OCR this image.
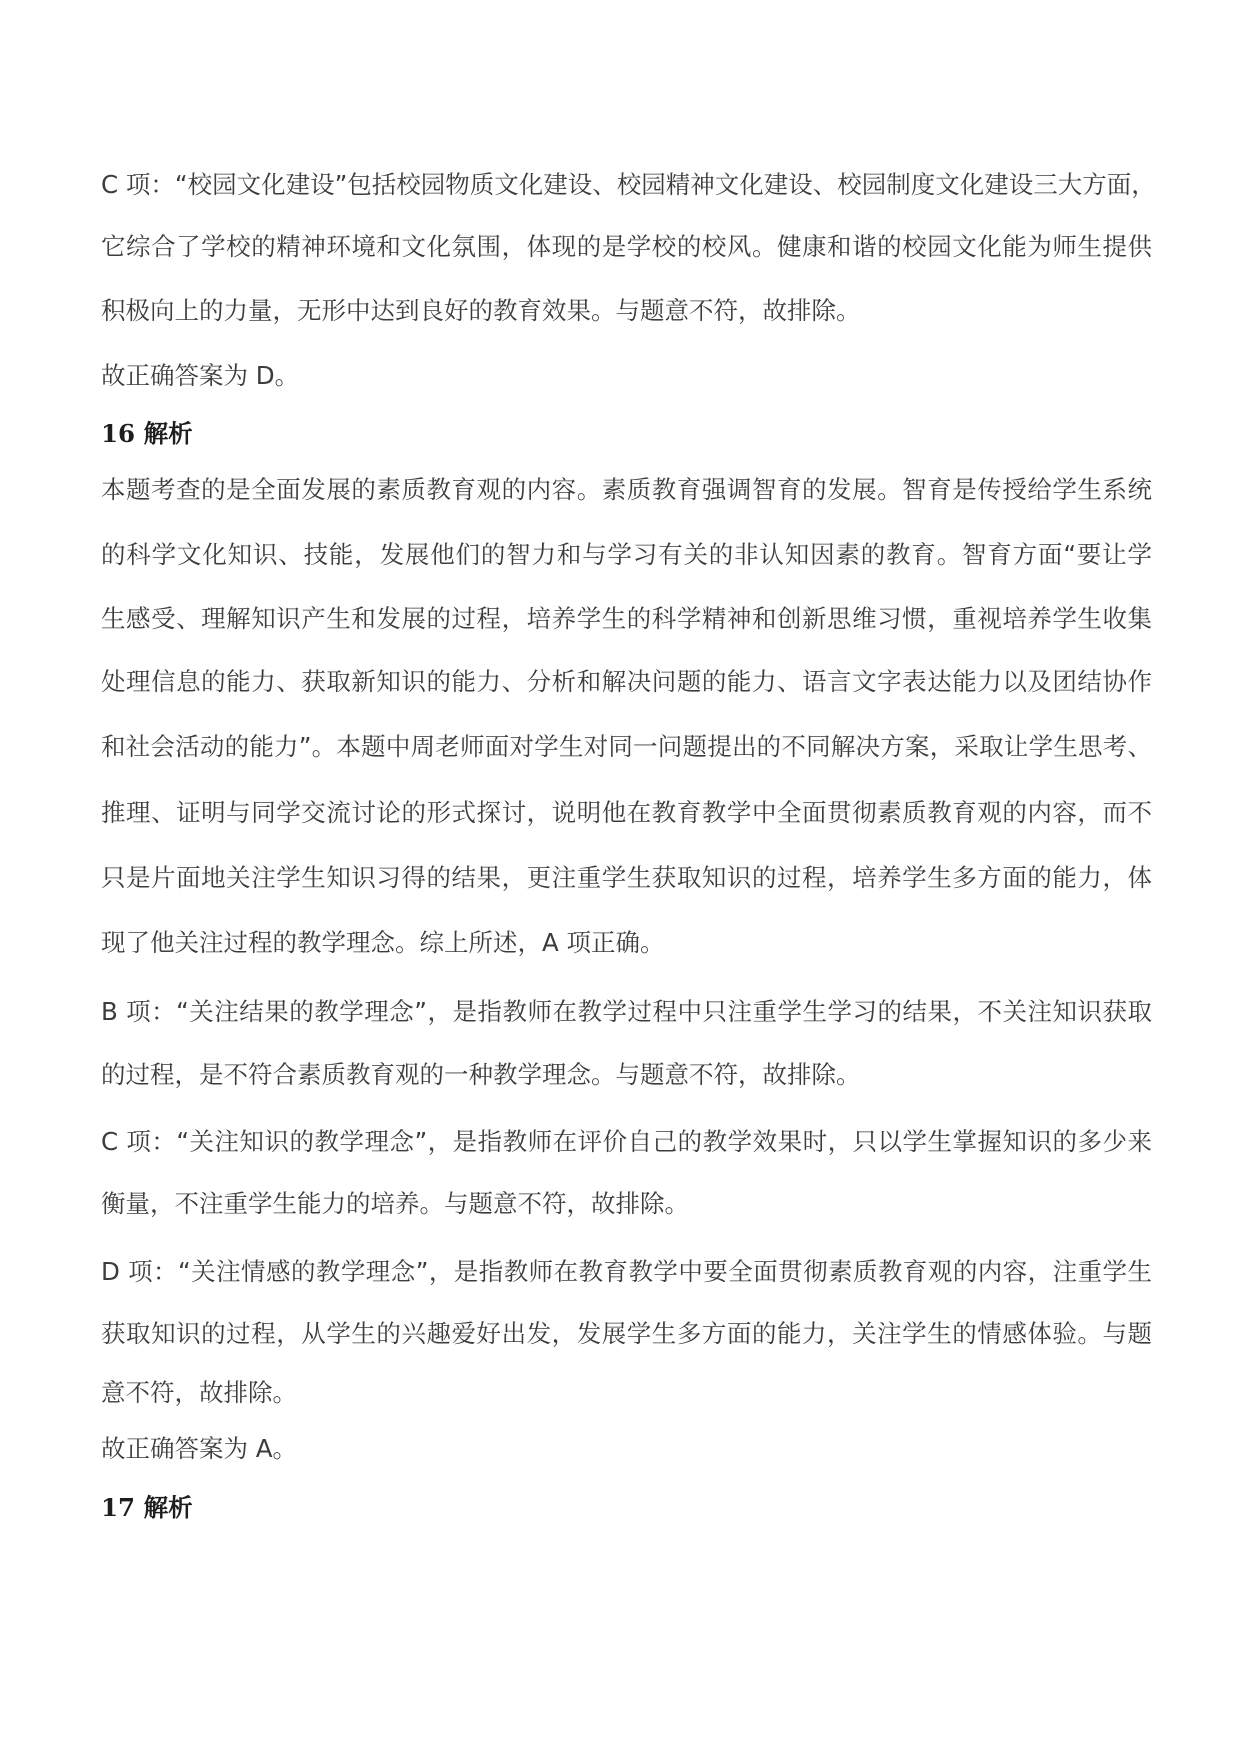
C 项：“校园文化建设”包括校园物质文化建设、校园精神文化建设、校园制度文化建设三大方面，
它综合了学校的精神环境和文化氛围，体现的是学校的校风。健康和谐的校园文化能为师生提供
积极向上的力量，无形中达到良好的教育效果。与题意不符，故排除。
故正确答案为 D。
16 解析
本题考查的是全面发展的素质教育观的内容。素质教育强调智育的发展。智育是传授给学生系统
的科学文化知识、技能，发展他们的智力和与学习有关的非认知因素的教育。智育方面“要让学
生感受、理解知识产生和发展的过程，培养学生的科学精神和创新思维习惯，重视培养学生收集
处理信息的能力、获取新知识的能力、分析和解决问题的能力、语言文字表达能力以及团结协作
和社会活动的能力”。本题中周老师面对学生对同一问题提出的不同解决方案，采取让学生思考、
推理、证明与同学交流讨论的形式探讨，说明他在教育教学中全面贯彻素质教育观的内容，而不
只是片面地关注学生知识习得的结果，更注重学生获取知识的过程，培养学生多方面的能力，体
现了他关注过程的教学理念。综上所述，A 项正确。
B 项：“关注结果的教学理念”，是指教师在教学过程中只注重学生学习的结果，不关注知识获取
的过程，是不符合素质教育观的一种教学理念。与题意不符，故排除。
C 项：“关注知识的教学理念”，是指教师在评价自己的教学效果时，只以学生掌握知识的多少来
衡量，不注重学生能力的培养。与题意不符，故排除。
D 项：“关注情感的教学理念”，是指教师在教育教学中要全面贯彻素质教育观的内容，注重学生
获取知识的过程，从学生的兴趣爱好出发，发展学生多方面的能力，关注学生的情感体验。与题
意不符，故排除。
故正确答案为 A。
17 解析
